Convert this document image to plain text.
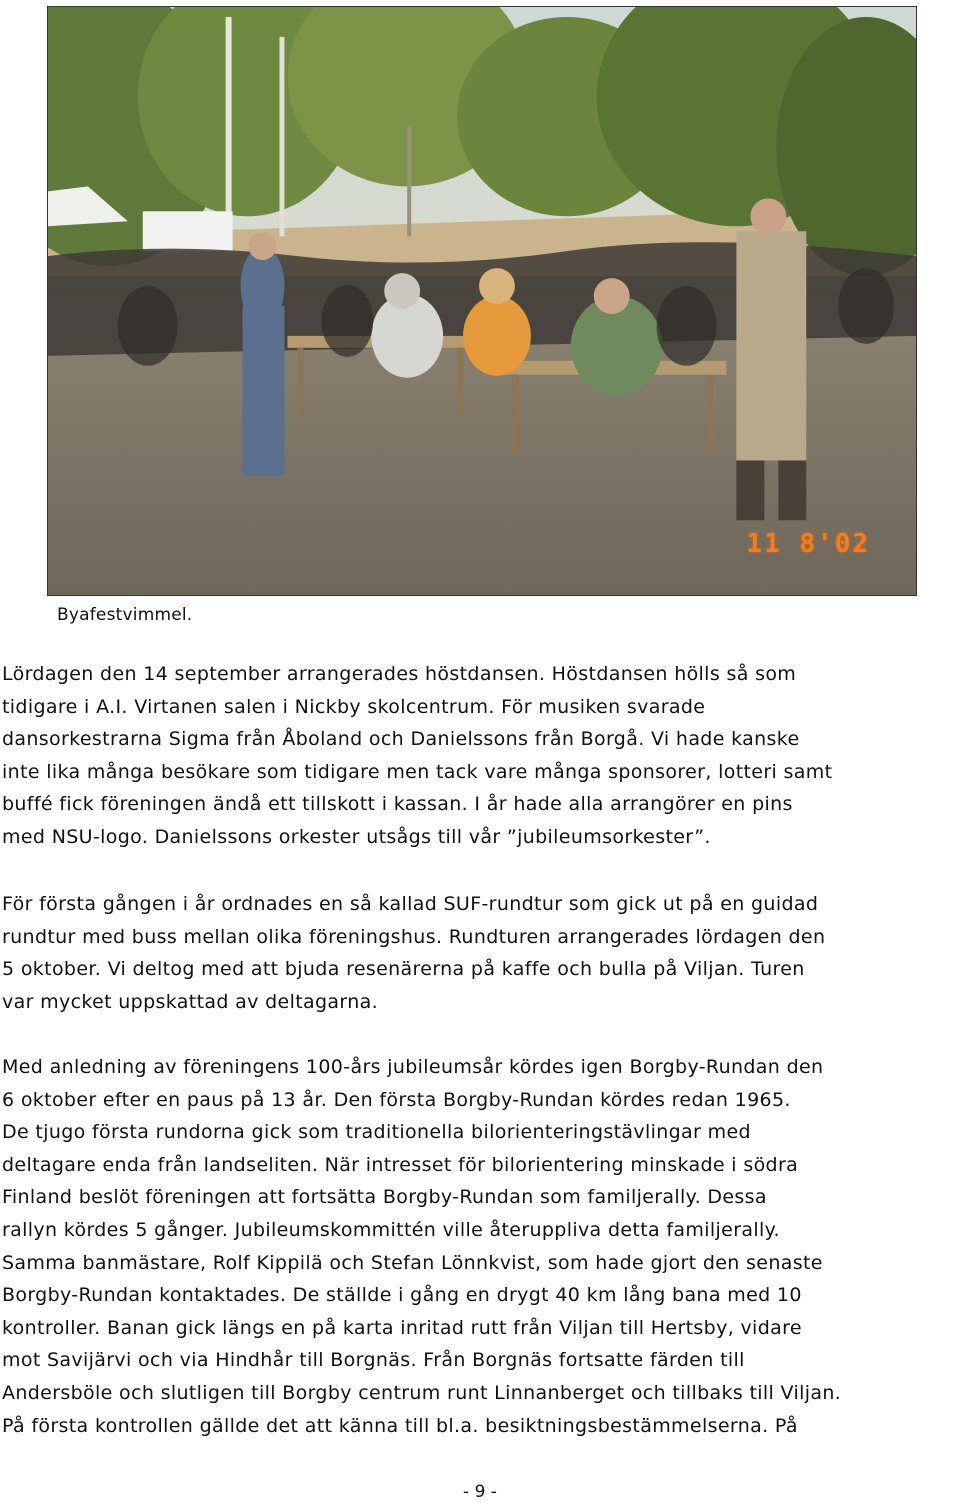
11 8'02
Byafestvimmel.

Lördagen den 14 september arrangerades höstdansen. Höstdansen hölls så som
tidigare i A.I. Virtanen salen i Nickby skolcentrum. För musiken svarade
dansorkestrarna Sigma från Åboland och Danielssons från Borgå. Vi hade kanske
inte lika många besökare som tidigare men tack vare många sponsorer, lotteri samt
buffé fick föreningen ändå ett tillskott i kassan. I år hade alla arrangörer en pins
med NSU-logo. Danielssons orkester utsågs till vår ”jubileumsorkester”.

För första gången i år ordnades en så kallad SUF-rundtur som gick ut på en guidad
rundtur med buss mellan olika föreningshus. Rundturen arrangerades lördagen den
5 oktober. Vi deltog med att bjuda resenärerna på kaffe och bulla på Viljan. Turen
var mycket uppskattad av deltagarna.

Med anledning av föreningens 100-års jubileumsår kördes igen Borgby-Rundan den
6 oktober efter en paus på 13 år. Den första Borgby-Rundan kördes redan 1965.
De tjugo första rundorna gick som traditionella bilorienteringstävlingar med
deltagare enda från landseliten. När intresset för bilorientering minskade i södra
Finland beslöt föreningen att fortsätta Borgby-Rundan som familjerally. Dessa
rallyn kördes 5 gånger. Jubileumskommittén ville återuppliva detta familjerally.
Samma banmästare, Rolf Kippilä och Stefan Lönnkvist, som hade gjort den senaste
Borgby-Rundan kontaktades. De ställde i gång en drygt 40 km lång bana med 10
kontroller. Banan gick längs en på karta inritad rutt från Viljan till Hertsby, vidare
mot Savijärvi och via Hindhår till Borgnäs. Från Borgnäs fortsatte färden till
Andersböle och slutligen till Borgby centrum runt Linnanberget och tillbaks till Viljan.
På första kontrollen gällde det att känna till bl.a. besiktningsbestämmelserna. På

- 9 -
